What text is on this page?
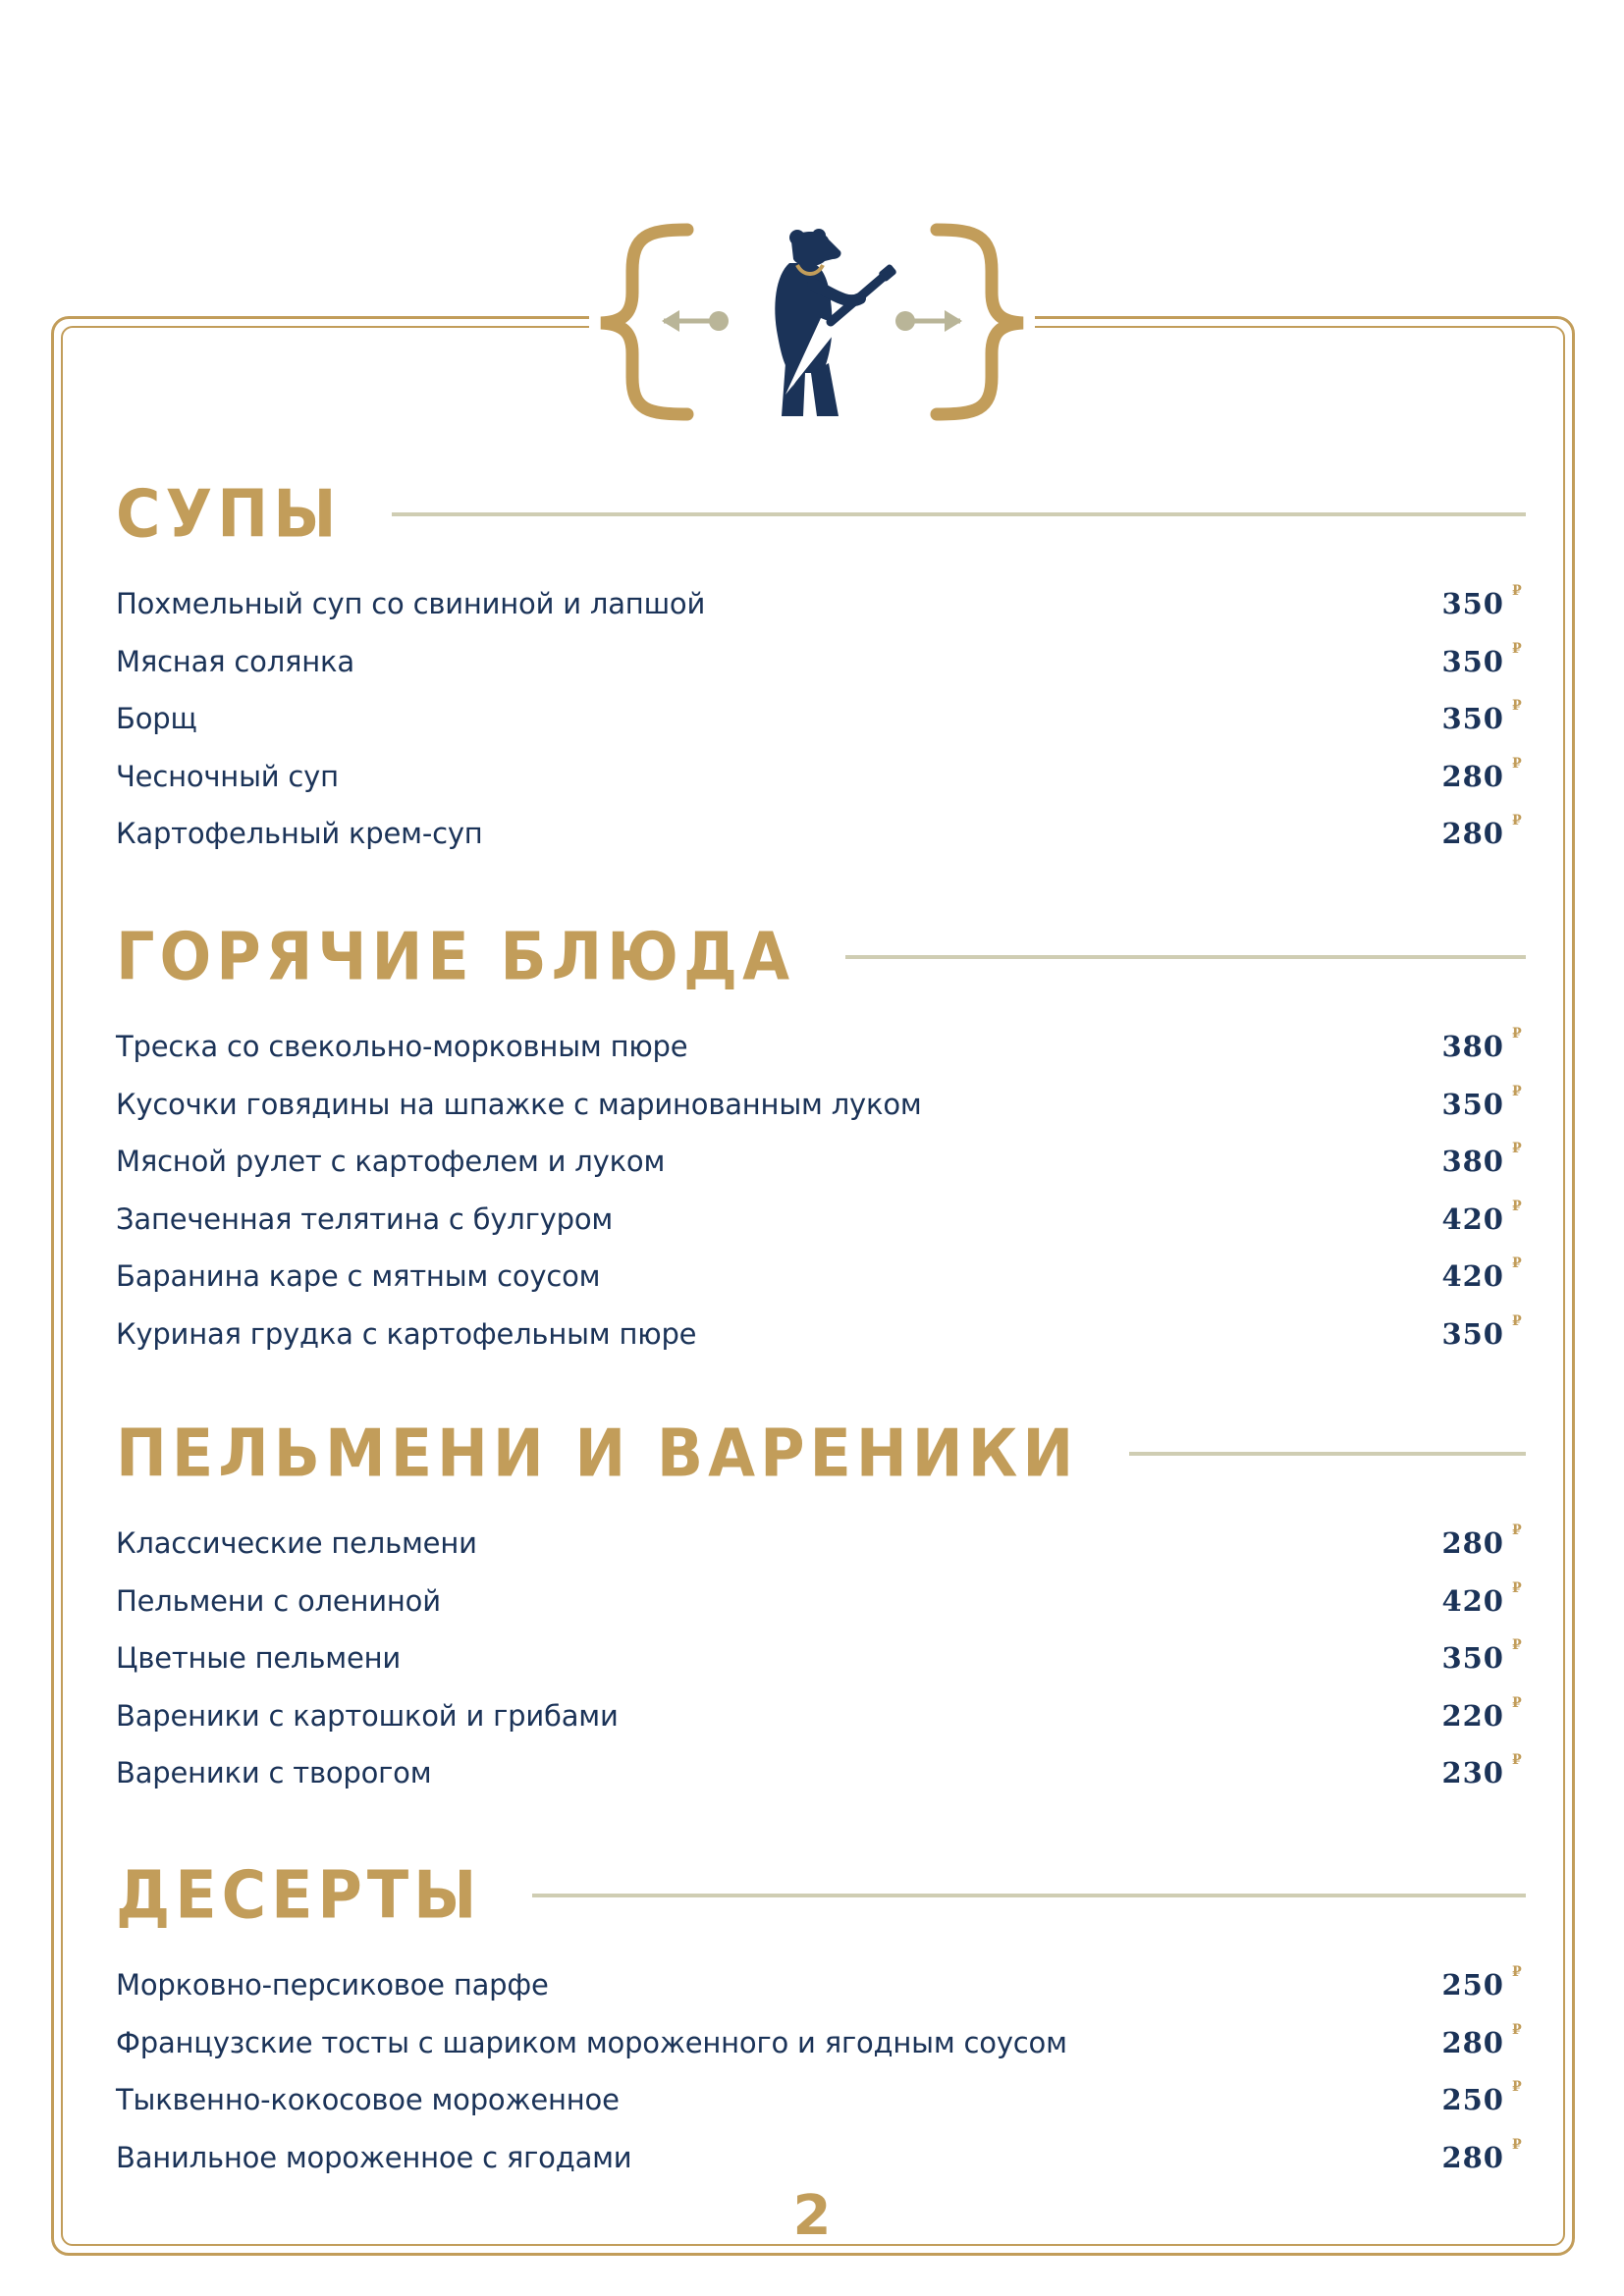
СУПЫ
Похмельный суп со свининой и лапшой	350 ₽
Мясная солянка	350 ₽
Борщ	350 ₽
Чесночный суп	280 ₽
Картофельный крем-суп	280 ₽
ГОРЯЧИЕ БЛЮДА
Треска со свекольно-морковным пюре	380 ₽
Кусочки говядины на шпажке с маринованным луком	350 ₽
Мясной рулет с картофелем и луком	380 ₽
Запеченная телятина с булгуром	420 ₽
Баранина каре с мятным соусом	420 ₽
Куриная грудка с картофельным пюре	350 ₽
ПЕЛЬМЕНИ И ВАРЕНИКИ
Классические пельмени	280 ₽
Пельмени с олениной	420 ₽
Цветные пельмени	350 ₽
Вареники с картошкой и грибами	220 ₽
Вареники с творогом	230 ₽
ДЕСЕРТЫ
Морковно-персиковое парфе	250 ₽
Французские тосты с шариком мороженного и ягодным соусом	280 ₽
Тыквенно-кокосовое мороженное	250 ₽
Ванильное мороженное с ягодами	280 ₽
2
